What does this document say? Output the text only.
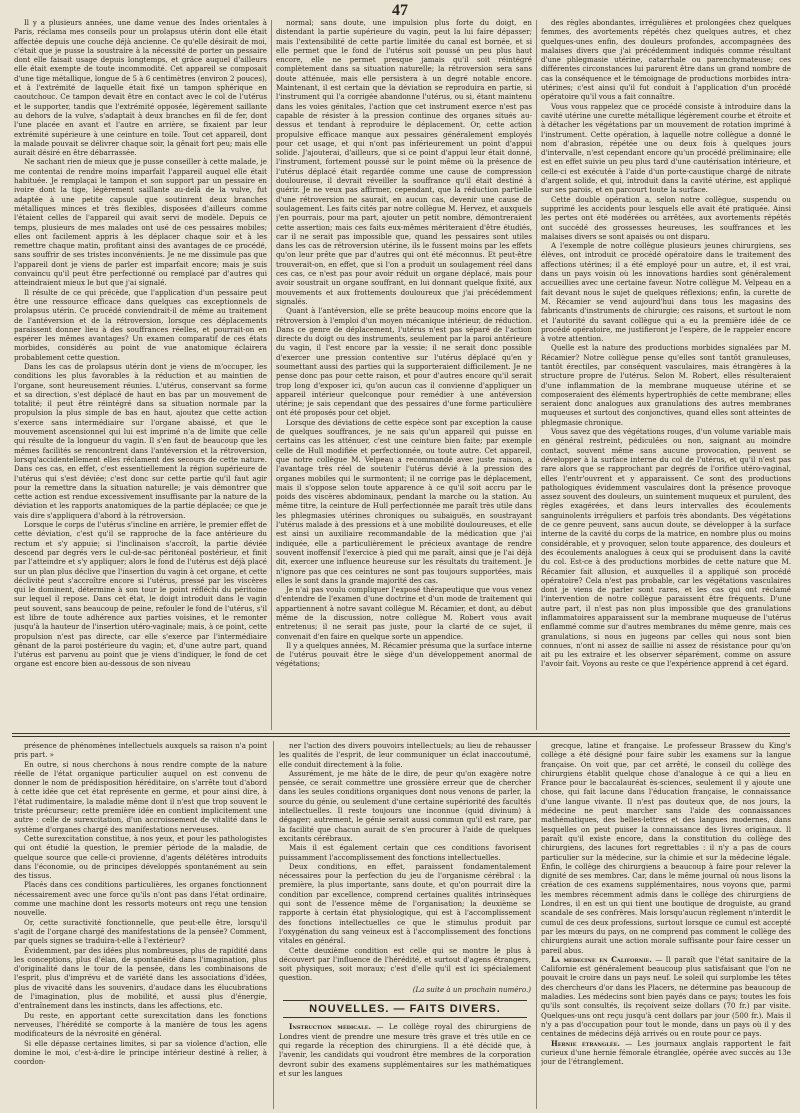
47

Il y a plusieurs années, une dame venue des Indes orientales à Paris, réclama mes conseils pour un prolapsus utérin dont elle était affectée depuis une couche déjà ancienne. Ce qu'elle désirait de moi, c'était que je pusse la soustraire à la nécessité de porter un pessaire dont elle faisait usage depuis longtemps, et grâce auquel d'ailleurs elle était exempte de toute incommodité. Cet appareil se composait d'une tige métallique, longue de 5 à 6 centimètres (environ 2 pouces), et à l'extrémité de laquelle était fixé un tampon sphérique en caoutchouc. Ce tampon devait être en contact avec le col de l'utérus et le supporter, tandis que l'extrémité opposée, légèrement saillante au dehors de la vulve, s'adaptait à deux branches en fil de fer, dont l'une placée en avant et l'autre en arrière, se fixaient par leur extrémité supérieure à une ceinture en toile. Tout cet appareil, dont la malade pouvait se délivrer chaque soir, la gênait fort peu; mais elle aurait désiré en être débarrassée.

Ne sachant rien de mieux que je pusse conseiller à cette malade, je me contentai de rendre moins imparfait l'appareil auquel elle était habituée. Je remplaçai le tampon et son support par un pessaire en ivoire dont la tige, légèrement saillante au-delà de la vulve, fut adaptée à une petite capsule que soutinrent deux branches métalliques minces et très flexibles, disposées d'ailleurs comme l'étaient celles de l'appareil qui avait servi de modèle. Depuis ce temps, plusieurs de mes malades ont usé de ces pessaires mobiles; elles ont facilement appris à les déplacer chaque soir et à les remettre chaque matin, profitant ainsi des avantages de ce procédé, sans souffrir de ses tristes inconvénients. Je ne me dissimule pas que l'appareil dont je viens de parler est imparfait encore; mais je suis convaincu qu'il peut être perfectionné ou remplacé par d'autres qui atteindraient mieux le but que j'ai signalé.

Il résulte de ce qui précède, que l'application d'un pessaire peut être une ressource efficace dans quelques cas exceptionnels de prolapsus utérin. Ce procédé conviendrait-il de même au traitement de l'antéversion et de la rétroversion, lorsque ces déplacements paraissent donner lieu à des souffrances réelles, et pourrait-on en espérer les mêmes avantages? Un examen comparatif de ces états morbides, considérés au point de vue anatomique éclairera probablement cette question.

Dans les cas de prolapsus utérin dont je viens de m'occuper, les conditions les plus favorables à la réduction et au maintien de l'organe, sont heureusement réunies. L'utérus, conservant sa forme et sa direction, s'est déplacé de haut en bas par un mouvement de totalité; il peut être réintégré dans sa situation normale par la propulsion la plus simple de bas en haut, ajoutez que cette action s'exerce sans intermédiaire sur l'organe abaissé, et que le mouvement ascensionnel qui lui est imprimé n'a de limite que celle qui résulte de la longueur du vagin. Il s'en faut de beaucoup que les mêmes facilités se rencontrent dans l'antéversion et la rétroversion, lorsqu'accidentellement elles réclament des secours de cette nature. Dans ces cas, en effet, c'est essentiellement la région supérieure de l'utérus qui s'est déviée; c'est donc sur cette partie qu'il faut agir pour la remettre dans la situation naturelle; je vais démontrer que cette action est rendue excessivement insuffisante par la nature de la déviation et les rapports anatomiques de la partie déplacée; ce que je vais dire s'appliquera d'abord à la rétroversion.

Lorsque le corps de l'utérus s'incline en arrière, le premier effet de cette déviation, c'est qu'il se rapproche de la face antérieure du rectum et s'y appuie; si l'inclinaison s'accroît, la partie déviée descend par degrés vers le cul-de-sac péritonéal postérieur, et finit par l'atteindre et s'y appliquer; alors le fond de l'utérus est déjà placé sur un plan plus déclive que l'insertion du vagin à cet organe, et cette déclivité peut s'accroître encore si l'utérus, pressé par les viscères qui le dominent, détermine à son tour le point réfléchi du péritoine sur lequel il repose. Dans cet état, le doigt introduit dans le vagin peut souvent, sans beaucoup de peine, refouler le fond de l'utérus, s'il est libre de toute adhérence aux parties voisines, et le remonter jusqu'à la hauteur de l'insertion utéro-vaginale; mais, à ce point, cette propulsion n'est pas directe, car elle s'exerce par l'intermédiaire gênant de la paroi postérieure du vagin; et, d'une autre part, quand l'utérus est parvenu au point que je viens d'indiquer, le fond de cet organe est encore bien au-dessous de son niveau

normal; sans doute, une impulsion plus forte du doigt, en distendant la partie supérieure du vagin, peut la lui faire dépasser; mais l'extensibilité de cette partie limitée du canal est bornée, et si elle permet que le fond de l'utérus soit poussé un peu plus haut encore, elle ne permet presque jamais qu'il soit réintégré complètement dans sa situation naturelle; la rétroversion sera sans doute atténuée, mais elle persistera à un degré notable encore. Maintenant, il est certain que la déviation se reproduira en partie, si l'instrument qui l'a corrigée abandonne l'utérus, ou si, étant maintenu dans les voies génitales, l'action que cet instrument exerce n'est pas capable de résister à la pression continue des organes situés au-dessus et tendant à reproduire le déplacement. Or, cette action propulsive efficace manque aux pessaires généralement employés pour cet usage, et qui n'ont pas inférieurement un point d'appui solide. J'ajouterai, d'ailleurs, que si ce point d'appui leur était donné, l'instrument, fortement poussé sur le point même où la présence de l'utérus déplacé était regardée comme une cause de compression douloureuse, il devrait réveiller la souffrance qu'il était destiné à guérir. Je ne veux pas affirmer, cependant, que la réduction partielle d'une rétroversion ne saurait, en aucun cas, devenir une cause de soulagement. Les faits cités par notre collègue M. Hervez, et auxquels j'en pourrais, pour ma part, ajouter un petit nombre, démontreraient cette assertion; mais ces faits eux-mêmes mériteraient d'être étudiés, car il ne serait pas impossible que, quand les pessaires sont utiles dans les cas de rétroversion utérine, ils le fussent moins par les effets qu'on leur prête que par d'autres qui ont été méconnus. Et peut-être trouverait-on, en effet, que si l'on a produit un soulagement réel dans ces cas, ce n'est pas pour avoir réduit un organe déplacé, mais pour avoir soustrait un organe souffrant, en lui donnant quelque fixité, aux mouvements et aux frottements douloureux que j'ai précédemment signalés.

Quant à l'antéversion, elle se prête beaucoup moins encore que la rétroversion à l'emploi d'un moyen mécanique intérieur, de réduction. Dans ce genre de déplacement, l'utérus n'est pas séparé de l'action directe du doigt ou des instruments, seulement par la paroi antérieure du vagin, il l'est encore par la vessie; il ne serait donc possible d'exercer une pression contentive sur l'utérus déplacé qu'en y soumettant aussi des parties qui la supporteraient difficilement. Je ne pense donc pas pour cette raison, et pour d'autres encore qu'il serait trop long d'exposer ici, qu'on aucun cas il convienne d'appliquer un appareil intérieur quelconque pour remédier à une antéversion utérine; je sais cependant que des pessaires d'une forme particulière ont été proposés pour cet objet.

Lorsque des déviations de cette espèce sont par exception la cause de quelques souffrances, je ne sais qu'un appareil qui puisse en certains cas les atténuer, c'est une ceinture bien faite; par exemple celle de Hull modifiée et perfectionnée, ou toute autre. Cet appareil, que notre collègue M. Velpeau a recommandé avec juste raison, a l'avantage très réel de soutenir l'utérus dévié à la pression des organes mobiles qui le surmontent; il ne corrige pas le déplacement, mais il s'oppose selon toute apparence à ce qu'il soit accru par le poids des viscères abdominaux, pendant la marche ou la station. Au même titre, la ceinture de Hull perfectionnée me paraît très utile dans les phlegmasies utérines chroniques ou subaiguës, en soustrayant l'utérus malade à des pressions et à une mobilité douloureuses, et elle est ainsi un auxiliaire recommandable de la médication que j'ai indiquée, elle a particulièrement le précieux avantage de rendre souvent inoffensif l'exercice à pied qui me paraît, ainsi que je l'ai déjà dit, exercer une influence heureuse sur les résultats du traitement. Je n'ignore pas que ces ceintures ne sont pas toujours supportées, mais elles le sont dans la grande majorité des cas.

Je n'ai pas voulu compliquer l'exposé thérapeutique que vous venez d'entendre de l'examen d'une doctrine et d'un mode de traitement qui appartiennent à notre savant collègue M. Récamier, et dont, au début même de la discussion, notre collègue M. Robert vous avait entretenus; il ne serait pas juste, pour la clarté de ce sujet, il convenait d'en faire en quelque sorte un appendice.

Il y a quelques années, M. Récamier présuma que la surface interne de l'utérus pouvait être le siège d'un développement anormal de végétations;

des règles abondantes, irrégulières et prolongées chez quelques femmes, des avortements répétés chez quelques autres, et chez quelques-unes enfin, des douleurs profondes, accompagnées des malaises divers que j'ai précédemment indiqués comme résultant d'une phlegmasie utérine, catarrhale ou parenchymateuse; ces différentes circonstances lui parurent être dans un grand nombre de cas la conséquence et le témoignage de productions morbides intra-utérines; c'est ainsi qu'il fut conduit à l'application d'un procédé opératoire qu'il vous a fait connaître.

Vous vous rappelez que ce procédé consiste à introduire dans la cavité utérine une curette métallique légèrement courbe et étroite et à détacher les végétations par un mouvement de rotation imprimé à l'instrument. Cette opération, à laquelle notre collègue a donné le nom d'abrasion, répétée une ou deux fois à quelques jours d'intervalle, n'est cependant encore qu'un procédé préliminaire; elle est en effet suivie un peu plus tard d'une cautérisation intérieure, et celle-ci est exécutée à l'aide d'un porte-caustique chargé de nitrate d'argent solide, et qui, introduit dans la cavité utérine, est appliqué sur ses parois, et en parcourt toute la surface.

Cette double opération a, selon notre collègue, suspendu ou supprimé les accidents pour lesquels elle avait été pratiquée. Ainsi les pertes ont été modérées ou arrêtées, aux avortements répétés ont succédé des grossesses heureuses, les souffrances et les malaises divers se sont apaisés ou ont disparu.

A l'exemple de notre collègue plusieurs jeunes chirurgiens, ses élèves, ont introduit ce procédé opératoire dans le traitement des affections utérines; il a été employé pour un autre, et, il est vrai, dans un pays voisin où les innovations hardies sont généralement accueillies avec une certaine faveur. Notre collègue M. Velpeau en a fait devant nous le sujet de quelques réflexions; enfin, la curette de M. Récamier se vend aujourd'hui dans tous les magasins des fabricants d'instruments de chirurgie; ces raisons, et surtout le nom et l'autorité du savant collègue qui a eu la première idée de ce procédé opératoire, me justifieront je l'espère, de le rappeler encore à votre attention.

Quelle est la nature des productions morbides signalées par M. Récamier? Notre collègue pense qu'elles sont tantôt granuleuses, tantôt érectiles, par conséquent vasculaires, mais étrangères à la structure propre de l'utérus. Selon M. Robert, elles résulteraient d'une inflammation de la membrane muqueuse utérine et se composeraient des éléments hypertrophiés de cette membrane; elles seraient donc analogues aux granulations des autres membranes muqueuses et surtout des conjonctives, quand elles sont atteintes de phlegmasie chronique.

Vous savez que des végétations rouges, d'un volume variable mais en général restreint, pédiculées ou non, saignant au moindre contact, souvent même sans aucune provocation, peuvent se développer à la surface interne du col de l'utérus, et qu'il n'est pas rare alors que se rapprochant par degrés de l'orifice utéro-vaginal, elles l'entr'ouvrent et y apparaissent. Ce sont des productions pathologiques évidemment vasculaires dont la présence provoque assez souvent des douleurs, un suintement muqueux et purulent, des règles exagérées, et dans leurs intervalles des écoulements sanguinolents irréguliers et parfois très abondants. Des végétations de ce genre peuvent, sans aucun doute, se développer à la surface interne de la cavité du corps de la matrice, en nombre plus ou moins considérable, et y provoquer, selon toute apparence, des douleurs et des écoulements analogues à ceux qui se produisent dans la cavité du col. Est-ce à des productions morbides de cette nature que M. Récamier fait allusion, et auxquelles il a appliqué son procédé opératoire? Cela n'est pas probable, car les végétations vasculaires dont je viens de parler sont rares, et les cas qui ont réclamé l'intervention de notre collègue paraissent être fréquents. D'une autre part, il n'est pas non plus impossible que des granulations inflammatoires apparaissent sur la membrane muqueuse de l'utérus enflammé comme sur d'autres membranes du même genre, mais ces granulations, si nous en jugeons par celles qui nous sont bien connues, n'ont ni assez de saillie ni assez de résistance pour qu'on ait pu les extraire et les observer séparément, comme on assure l'avoir fait. Voyons au reste ce que l'expérience apprend à cet égard.

présence de phénomènes intellectuels auxquels sa raison n'a point pris part. »

En outre, si nous cherchons à nous rendre compte de la nature réelle de l'état organique particulier auquel on est convenu de donner le nom de prédisposition héréditaire, on s'arrête tout d'abord à cette idée que cet état représente en germe, et pour ainsi dire, à l'état rudimentaire, la maladie même dont il n'est que trop souvent le triste précurseur; cette première idée en contient implicitement une autre : celle de surexcitation, d'un accroissement de vitalité dans le système d'organes chargé des manifestations nerveuses.

Cette surexcitation constitue, à nos yeux, et pour les pathologistes qui ont étudié la question, le premier période de la maladie, de quelque source que celle-ci provienne, d'agents délétères introduits dans l'économie, ou de principes développés spontanément au sein des tissus.

Placés dans ces conditions particulières, les organes fonctionnent nécessairement avec une force qu'ils n'ont pas dans l'état ordinaire, comme une machine dont les ressorts moteurs ont reçu une tension nouvelle.

Or, cette suractivité fonctionnelle, que peut-elle être, lorsqu'il s'agit de l'organe chargé des manifestations de la pensée? Comment, par quels signes se traduira-t-elle à l'extérieur?

Évidemment, par des idées plus nombreuses, plus de rapidité dans les conceptions, plus d'élan, de spontanéité dans l'imagination, plus d'originalité dans le tour de la pensée, dans les combinaisons de l'esprit, plus d'imprévu et de variété dans les associations d'idées, plus de vivacité dans les souvenirs, d'audace dans les élucubrations de l'imagination, plus de mobilité, et aussi plus d'énergie, d'entraînement dans les instincts, dans les affections, etc.

Du reste, en apportant cette surexcitation dans les fonctions nerveuses, l'hérédité se comporte à la manière de tous les agens modificateurs de la névrosité en général.

Si elle dépasse certaines limites, si par sa violence d'action, elle domine le moi, c'est-à-dire le principe intérieur destiné à relier, à coordon-

ner l'action des divers pouvoirs intellectuels; au lieu de rehausser les qualités de l'esprit, de leur communiquer un éclat inaccoutumé, elle conduit directement à la folie.

Assurément, je me hâte de le dire, de peur qu'on exagère notre pensée, ce serait commettre une grossière erreur que de chercher dans les seules conditions organiques dont nous venons de parler, la source du génie, ou seulement d'une certaine supériorité des facultés intellectuelles. Il reste toujours une inconnue (quid divinum) à dégager; autrement, le génie serait aussi commun qu'il est rare, par la facilité que chacun aurait de s'en procurer à l'aide de quelques excitants cérébraux.

Mais il est également certain que ces conditions favorisent puissamment l'accomplissement des fonctions intellectuelles.

Deux conditions, en effet, paraissent fondamentalement nécessaires pour la perfection du jeu de l'organisme cérébral : la première, la plus importante, sans doute, et qu'on pourrait dire la condition par excellence, comprend certaines qualités intrinsèques qui sont de l'essence même de l'organisation; la deuxième se rapporte à certain état physiologique, qui est à l'accomplissement des fonctions intellectuelles ce que le stimulus produit par l'oxygénation du sang veineux est à l'accomplissement des fonctions vitales en général.

Cette deuxième condition est celle qui se montre le plus à découvert par l'influence de l'hérédité, et surtout d'agens étrangers, soit physiques, soit moraux; c'est d'elle qu'il est ici spécialement question.

(La suite à un prochain numéro.)
NOUVELLES. — FAITS DIVERS.

Instruction médicale. — Le collège royal des chirurgiens de Londres vient de prendre une mesure très grave et très utile en ce qui regarde la réception des chirurgiens. Il a été décidé que, à l'avenir, les candidats qui voudront être membres de la corporation devront subir des examens supplémentaires sur les mathématiques et sur les langues

grecque, latine et française. Le professeur Brassew du King's collège a été désigné pour faire subir les examens sur la langue française. On voit que, par cet arrêté, le conseil du collège des chirurgiens établit quelque chose d'analogue à ce qui a lieu en France pour le baccalauréat ès-sciences, seulement il y ajoute une chose, qui fait lacune dans l'éducation française, le connaissance d'une langue vivante. Il n'est pas douteux que, de nos jours, la médecine ne peut marcher sans l'aide des connaissances mathématiques, des belles-lettres et des langues modernes, dans lesquelles on peut puiser la connaissance des livres originaux. Il paraît qu'il existe encore, dans la constitution du collège des chirurgiens, des lacunes fort regrettables : il n'y a pas de cours particulier sur la médecine, sur la chimie et sur la médecine légale. Enfin, le collège des chirurgiens a beaucoup à faire pour relever la dignité de ses membres. Car, dans le même journal où nous lisons la création de ces examens supplémentaires, nous voyons que, parmi les membres récemment admis dans le collège des chirurgiens de Londres, il en est un qui tient une boutique de droguiste, au grand scandale de ses confrères. Mais lorsqu'aucun règlement n'interdit le cumul de ces deux professions, surtout lorsque ce cumul est accepté par les mœurs du pays, on ne comprend pas comment le collège des chirurgiens aurait une action morale suffisante pour faire cesser un pareil abus.

La médecine en Californie. — Il paraît que l'état sanitaire de la Californie est généralement beaucoup plus satisfaisant que l'on ne pouvait le croire dans un pays neuf. Le soleil qui surplombe les têtes des chercheurs d'or dans les Placers, ne détermine pas beaucoup de maladies. Les médecins sont bien payés dans ce pays; toutes les fois qu'ils sont consultés, ils reçoivent seize dollars (70 fr.) par visite. Quelques-uns ont reçu jusqu'à cent dollars par jour (500 fr.). Mais il n'y a pas d'occupation pour tout le monde, dans un pays où il y des centaines de médecins déjà arrivés ou en route pour ce pays.

Hernie étranglée. — Les journaux anglais rapportent le fait curieux d'une hernie fémorale étranglée, opérée avec succès au 13e jour de l'étranglement.
